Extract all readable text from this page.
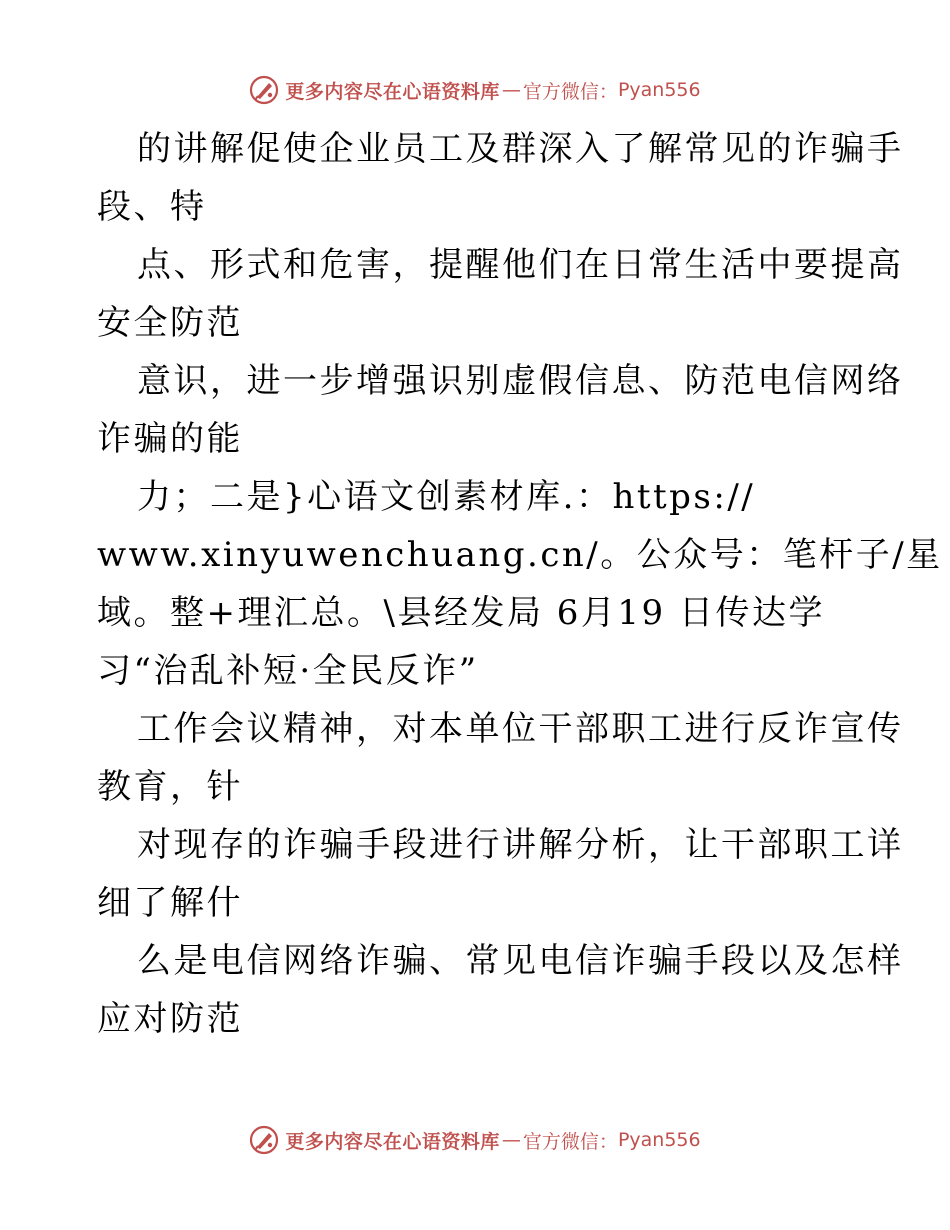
更多内容尽在心语资料库 — 官方微信： Pyan556
的讲解促使企业员工及群深入了解常见的诈骗手
段、特
点、形式和危害，提醒他们在日常生活中要提高
安全防范
意识，进一步增强识别虚假信息、防范电信网络
诈骗的能
力；二是}心语文创素材库.：https://
www.xinyuwenchuang.cn/。公众号：笔杆子/星
域。整+理汇总。\县经发局 6月19 日传达学
习“治乱补短·全民反诈”
工作会议精神，对本单位干部职工进行反诈宣传
教育，针
对现存的诈骗手段进行讲解分析，让干部职工详
细了解什
么是电信网络诈骗、常见电信诈骗手段以及怎样
应对防范
更多内容尽在心语资料库 — 官方微信： Pyan556
